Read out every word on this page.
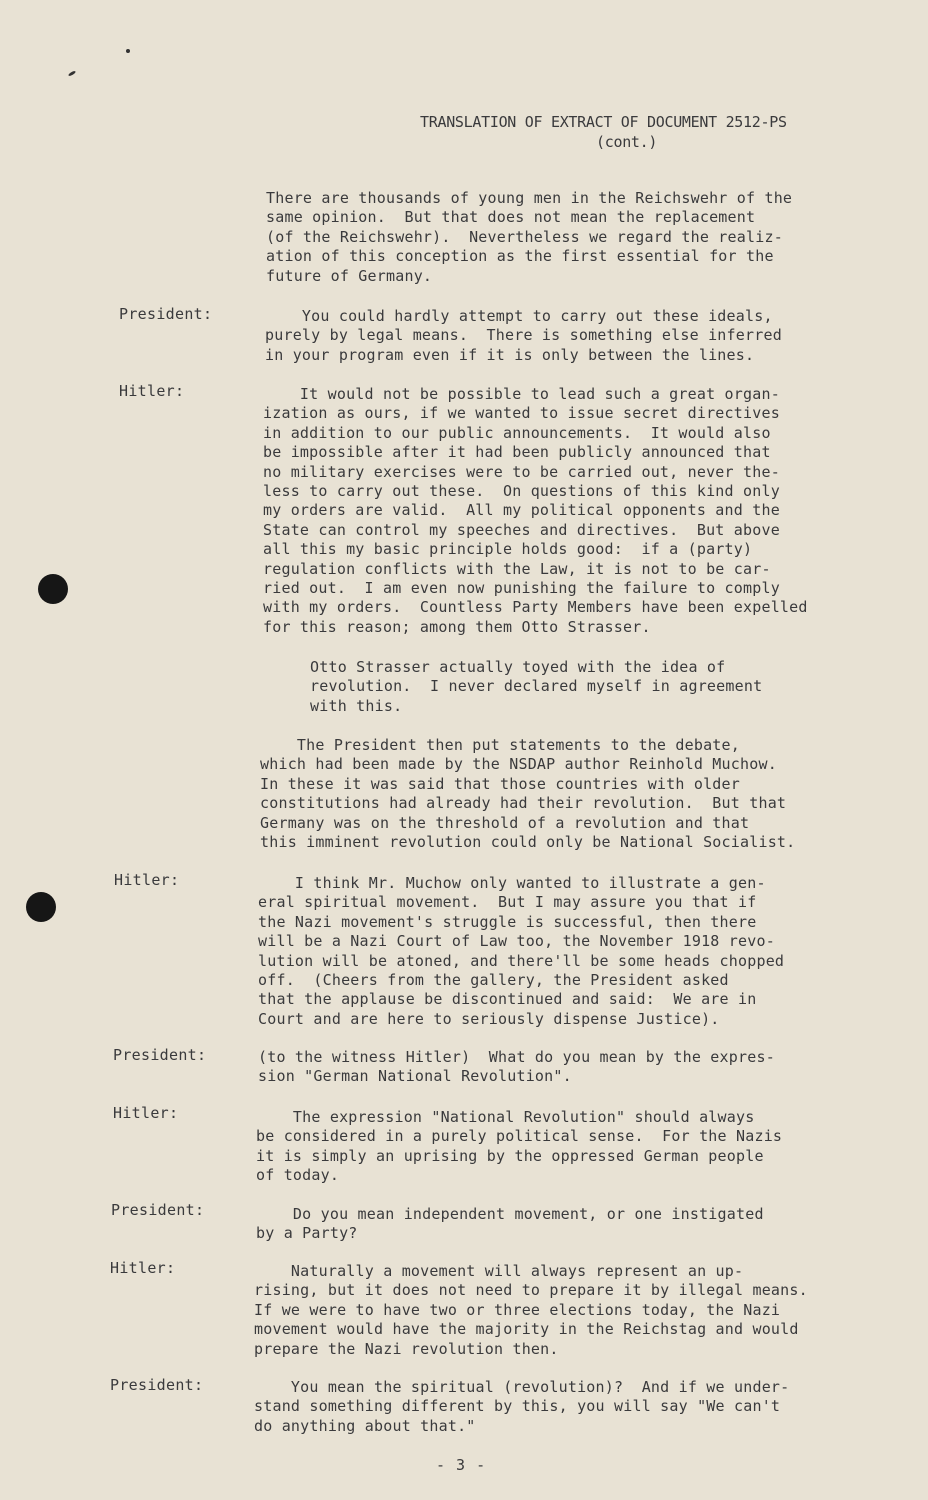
TRANSLATION OF EXTRACT OF DOCUMENT 2512-PS
(cont.)
There are thousands of young men in the Reichswehr of the
same opinion.  But that does not mean the replacement
(of the Reichswehr).  Nevertheless we regard the realiz-
ation of this conception as the first essential for the
future of Germany.
President:	You could hardly attempt to carry out these ideals,
purely by legal means.  There is something else inferred
in your program even if it is only between the lines.
Hitler:	It would not be possible to lead such a great organ-
ization as ours, if we wanted to issue secret directives
in addition to our public announcements.  It would also
be impossible after it had been publicly announced that
no military exercises were to be carried out, never the-
less to carry out these.  On questions of this kind only
my orders are valid.  All my political opponents and the
State can control my speeches and directives.  But above
all this my basic principle holds good:  if a (party)
regulation conflicts with the Law, it is not to be car-
ried out.  I am even now punishing the failure to comply
with my orders.  Countless Party Members have been expelled
for this reason; among them Otto Strasser.
Otto Strasser actually toyed with the idea of
revolution.  I never declared myself in agreement
with this.
The President then put statements to the debate,
which had been made by the NSDAP author Reinhold Muchow.
In these it was said that those countries with older
constitutions had already had their revolution.  But that
Germany was on the threshold of a revolution and that
this imminent revolution could only be National Socialist.
Hitler:	I think Mr. Muchow only wanted to illustrate a gen-
eral spiritual movement.  But I may assure you that if
the Nazi movement's struggle is successful, then there
will be a Nazi Court of Law too, the November 1918 revo-
lution will be atoned, and there'll be some heads chopped
off.  (Cheers from the gallery, the President asked
that the applause be discontinued and said:  We are in
Court and are here to seriously dispense Justice).
President:	(to the witness Hitler)  What do you mean by the expres-
sion "German National Revolution".
Hitler:	The expression "National Revolution" should always
be considered in a purely political sense.  For the Nazis
it is simply an uprising by the oppressed German people
of today.
President:	Do you mean independent movement, or one instigated
by a Party?
Hitler:	Naturally a movement will always represent an up-
rising, but it does not need to prepare it by illegal means.
If we were to have two or three elections today, the Nazi
movement would have the majority in the Reichstag and would
prepare the Nazi revolution then.
President:	You mean the spiritual (revolution)?  And if we under-
stand something different by this, you will say "We can't
do anything about that."
- 3 -
